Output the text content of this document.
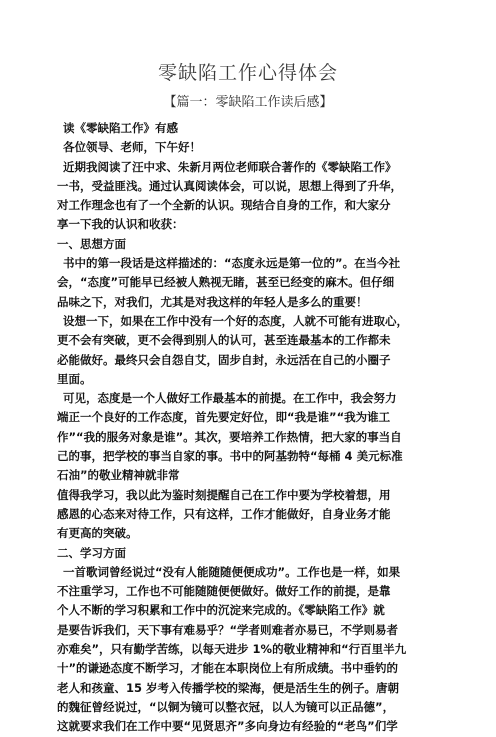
零缺陷工作心得体会
【篇一：零缺陷工作读后感】
读《零缺陷工作》有感
各位领导、老师，下午好！
近期我阅读了汪中求、朱新月两位老师联合著作的《零缺陷工作》
一书，受益匪浅。通过认真阅读体会，可以说，思想上得到了升华，
对工作理念也有了一个全新的认识。现结合自身的工作，和大家分
享一下我的认识和收获：
一、思想方面
书中的第一段话是这样描述的：“态度永远是第一位的”。在当今社
会，“态度”可能早已经被人熟视无睹，甚至已经变的麻木。但仔细
品味之下，对我们，尤其是对我这样的年轻人是多么的重要！
设想一下，如果在工作中没有一个好的态度，人就不可能有进取心，
更不会有突破，更不会得到别人的认可，甚至连最基本的工作都未
必能做好。最终只会自怨自艾，固步自封，永远活在自己的小圈子
里面。
可见，态度是一个人做好工作最基本的前提。在工作中，我会努力
端正一个良好的工作态度，首先要定好位，即“我是谁”“我为谁工
作”“我的服务对象是谁”。其次，要培养工作热情，把大家的事当自
己的事，把学校的事当自家的事。书中的阿基勃特“每桶 4 美元标准
石油”的敬业精神就非常
值得我学习，我以此为鉴时刻提醒自己在工作中要为学校着想，用
感恩的心态来对待工作，只有这样，工作才能做好，自身业务才能
有更高的突破。
二、学习方面
一首歌词曾经说过“没有人能随随便便成功”。工作也是一样，如果
不注重学习，工作也不可能随随便便做好。做好工作的前提，是靠
个人不断的学习积累和工作中的沉淀来完成的。《零缺陷工作》就
是要告诉我们，天下事有难易乎？“学者则难者亦易已，不学则易者
亦难矣”，只有勤学苦练，以每天进步 1%的敬业精神和“行百里半九
十”的谦逊态度不断学习，才能在本职岗位上有所成绩。书中垂钓的
老人和孩童、15 岁考入传播学校的梁海，便是活生生的例子。唐朝
的魏征曾经说过，“以铜为镜可以整衣冠，以人为镜可以正品德”，
这就要求我们在工作中要“见贤思齐”多向身边有经验的“老鸟”们学
